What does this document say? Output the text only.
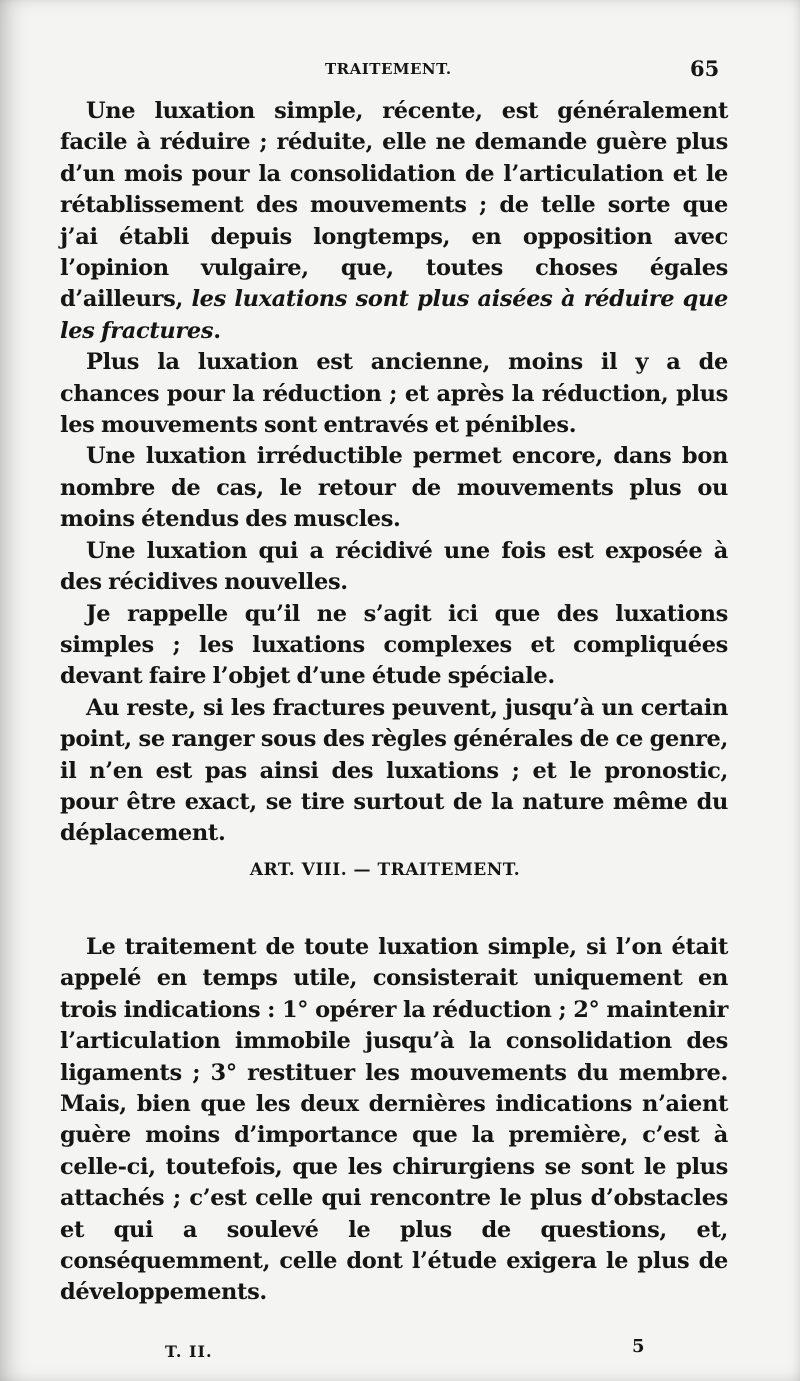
TRAITEMENT.	65

Une luxation simple, récente, est généralement facile à réduire ; réduite, elle ne demande guère plus d’un mois pour la consolidation de l’articulation et le rétablissement des mouvements ; de telle sorte que j’ai établi depuis longtemps, en opposition avec l’opinion vulgaire, que, toutes choses égales d’ailleurs, les luxations sont plus aisées à réduire que les fractures.

Plus la luxation est ancienne, moins il y a de chances pour la réduction ; et après la réduction, plus les mouvements sont entravés et pénibles.

Une luxation irréductible permet encore, dans bon nombre de cas, le retour de mouvements plus ou moins étendus des muscles.

Une luxation qui a récidivé une fois est exposée à des récidives nouvelles.

Je rappelle qu’il ne s’agit ici que des luxations simples ; les luxations complexes et compliquées devant faire l’objet d’une étude spéciale.

Au reste, si les fractures peuvent, jusqu’à un certain point, se ranger sous des règles générales de ce genre, il n’en est pas ainsi des luxations ; et le pronostic, pour être exact, se tire surtout de la nature même du déplacement.

ART. VIII. — TRAITEMENT.

Le traitement de toute luxation simple, si l’on était appelé en temps utile, consisterait uniquement en trois indications : 1° opérer la réduction ; 2° maintenir l’articulation immobile jusqu’à la consolidation des ligaments ; 3° restituer les mouvements du membre. Mais, bien que les deux dernières indications n’aient guère moins d’importance que la première, c’est à celle-ci, toutefois, que les chirurgiens se sont le plus attachés ; c’est celle qui rencontre le plus d’obstacles et qui a soulevé le plus de questions, et, conséquemment, celle dont l’étude exigera le plus de développements.

T. II.	5
